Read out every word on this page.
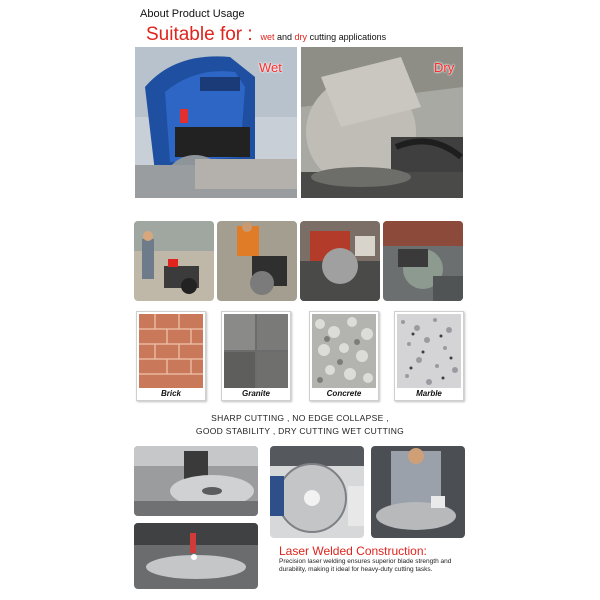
About Product Usage
Suitable for : wet and dry cutting applications
Wet	Dry
Brick	Granite	Concrete	Marble
SHARP CUTTING , NO EDGE COLLAPSE ,
GOOD STABILITY , DRY CUTTING WET CUTTING
Laser Welded Construction:
Precision laser welding ensures superior blade strength and durability, making it ideal for heavy-duty cutting tasks.
